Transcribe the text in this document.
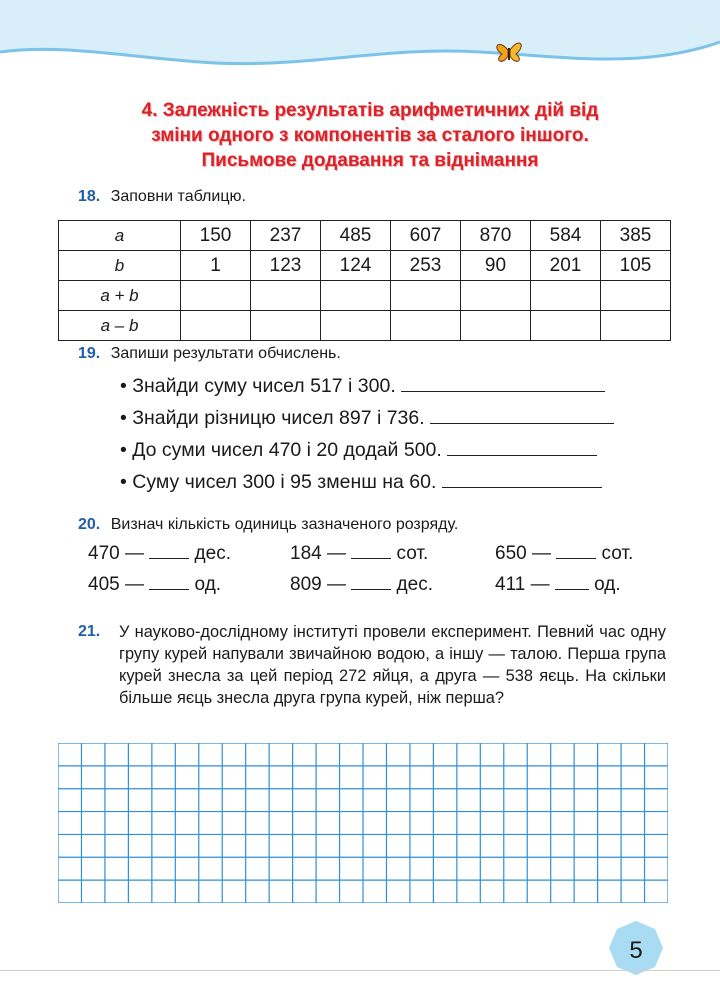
4. Залежність результатів арифметичних дій від
зміни одного з компонентів за сталого іншого.
Письмове додавання та віднімання
18. Заповни таблицю.
a	150	237	485	607	870	584	385
b	1	123	124	253	90	201	105
a + b							
a – b							
19. Запиши результати обчислень.
• Знайди суму чисел 517 і 300.
• Знайди різницю чисел 897 і 736.
• До суми чисел 470 і 20 додай 500.
• Суму чисел 300 і 95 зменш на 60.
20. Визнач кількість одиниць зазначеного розряду.
470 —	дес.	184 —	сот.	650 —	сот.
405 —	од.	809 —	дес.	411 — од.
21. У науково-дослідному інституті провели експеримент. Певний час одну групу курей напували звичайною водою, а іншу — талою. Перша група курей знесла за цей період 272 яйця, а друга — 538 яєць. На скільки більше яєць знесла друга група курей, ніж перша?
5
